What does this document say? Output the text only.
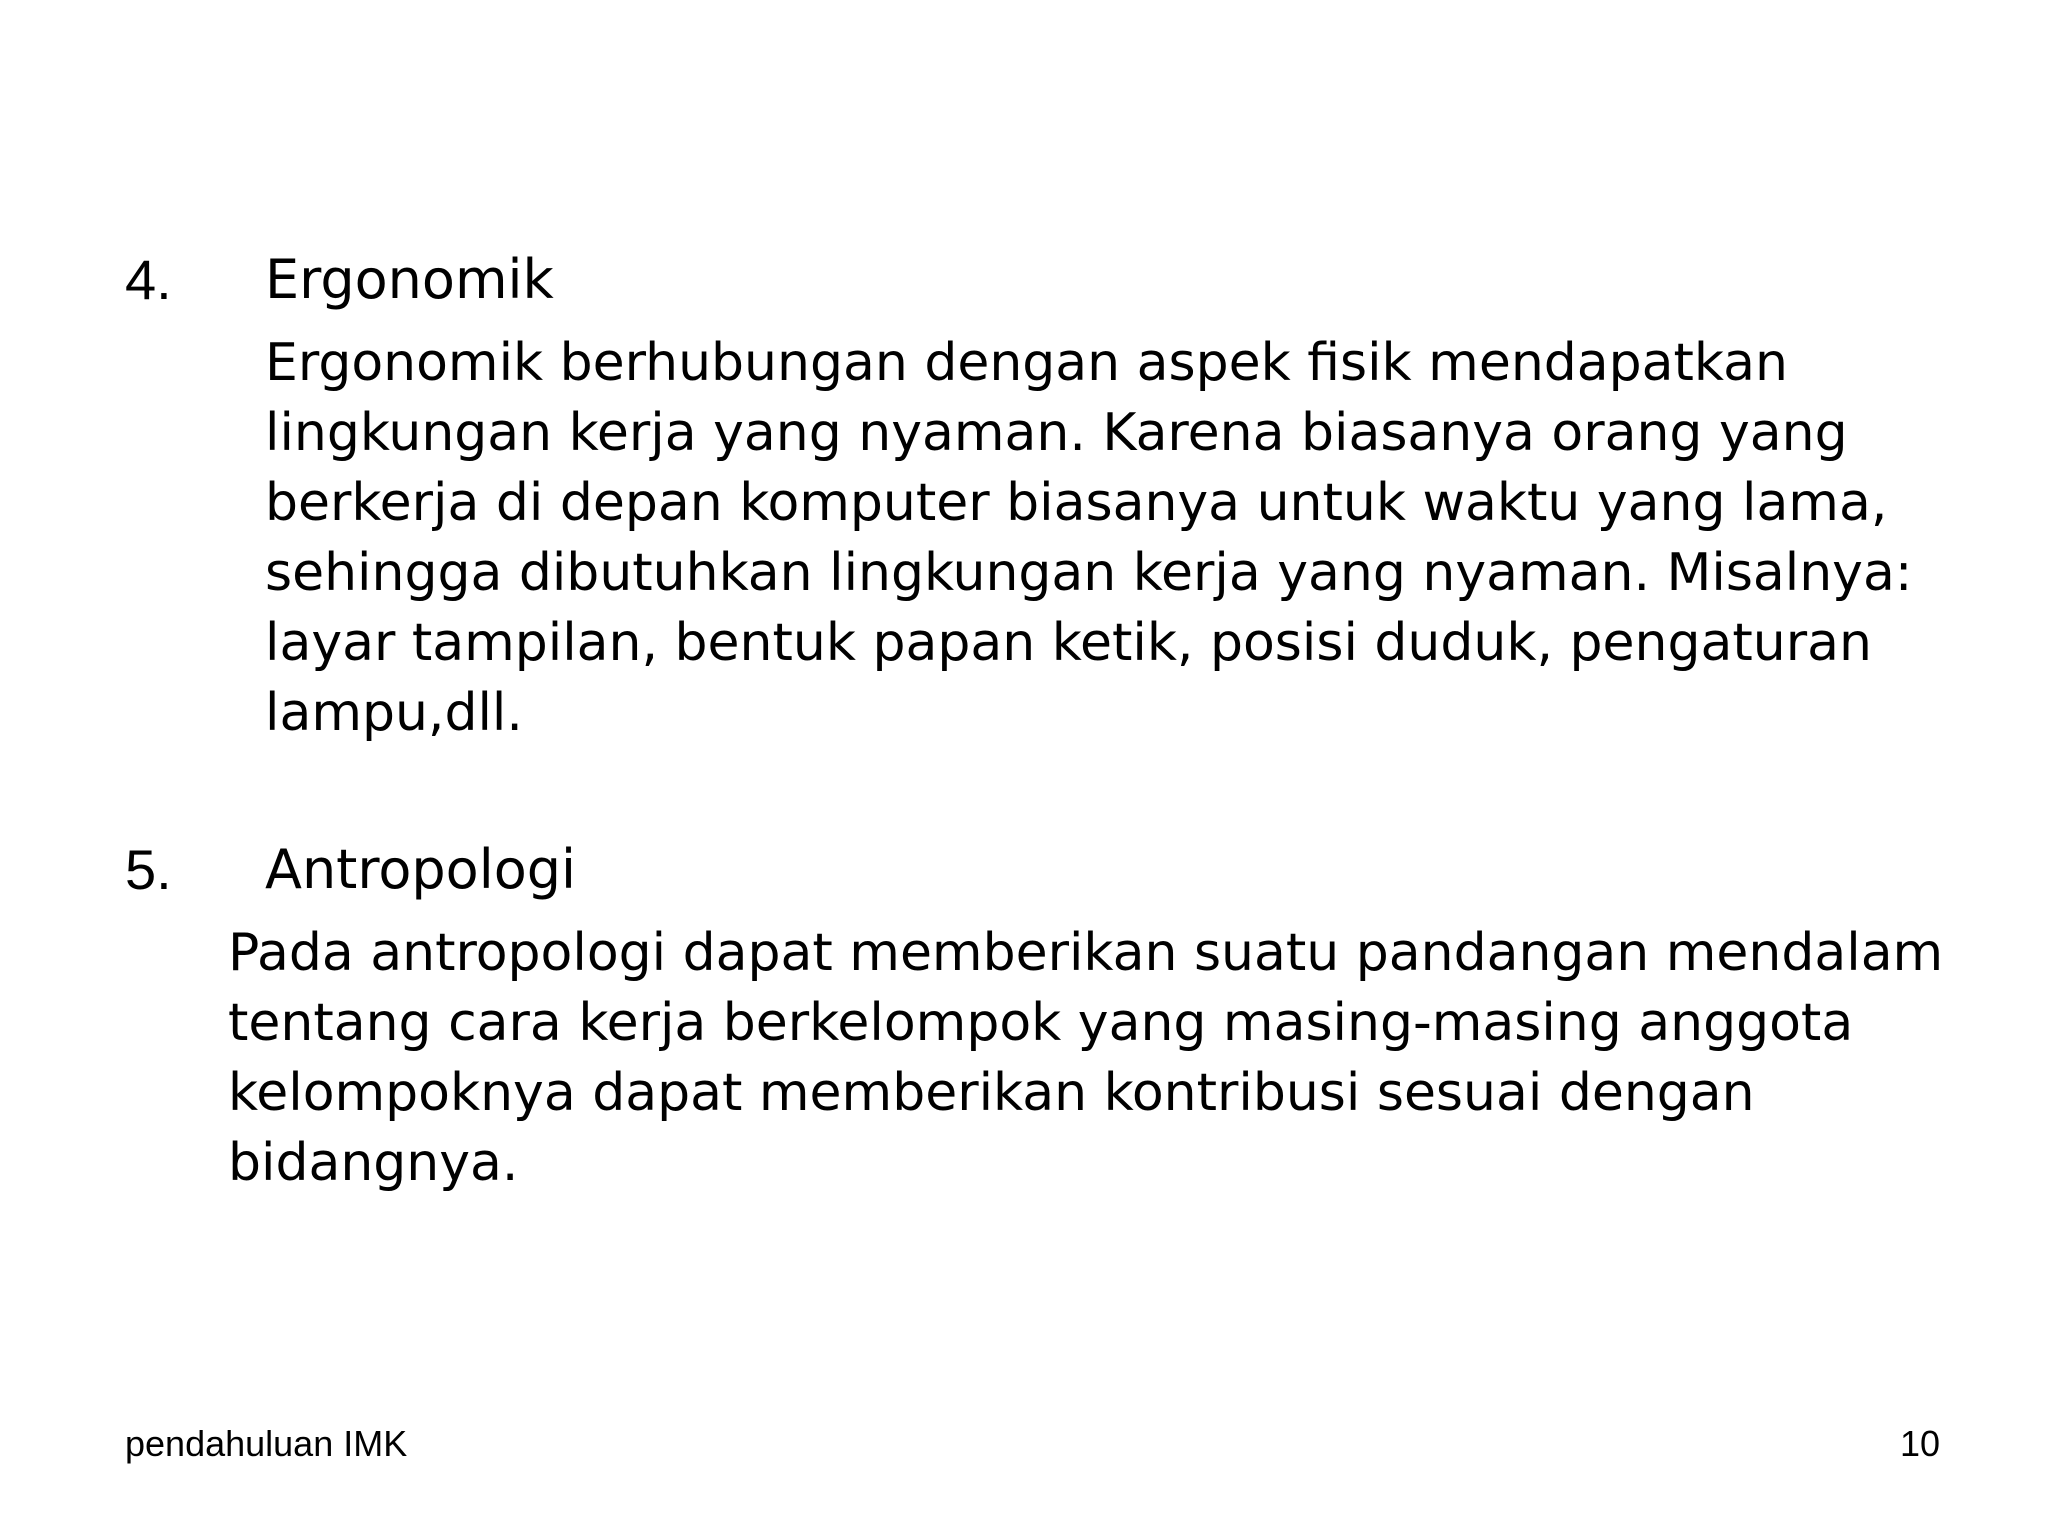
4. Ergonomik

Ergonomik berhubungan dengan aspek fisik mendapatkan
lingkungan kerja yang nyaman. Karena biasanya orang yang
berkerja di depan komputer biasanya untuk waktu yang lama,
sehingga dibutuhkan lingkungan kerja yang nyaman. Misalnya:
layar tampilan, bentuk papan ketik, posisi duduk, pengaturan
lampu,dll.

5. Antropologi

Pada antropologi dapat memberikan suatu pandangan mendalam
tentang cara kerja berkelompok yang masing-masing anggota
kelompoknya dapat memberikan kontribusi sesuai dengan
bidangnya.

pendahuluan IMK	10
